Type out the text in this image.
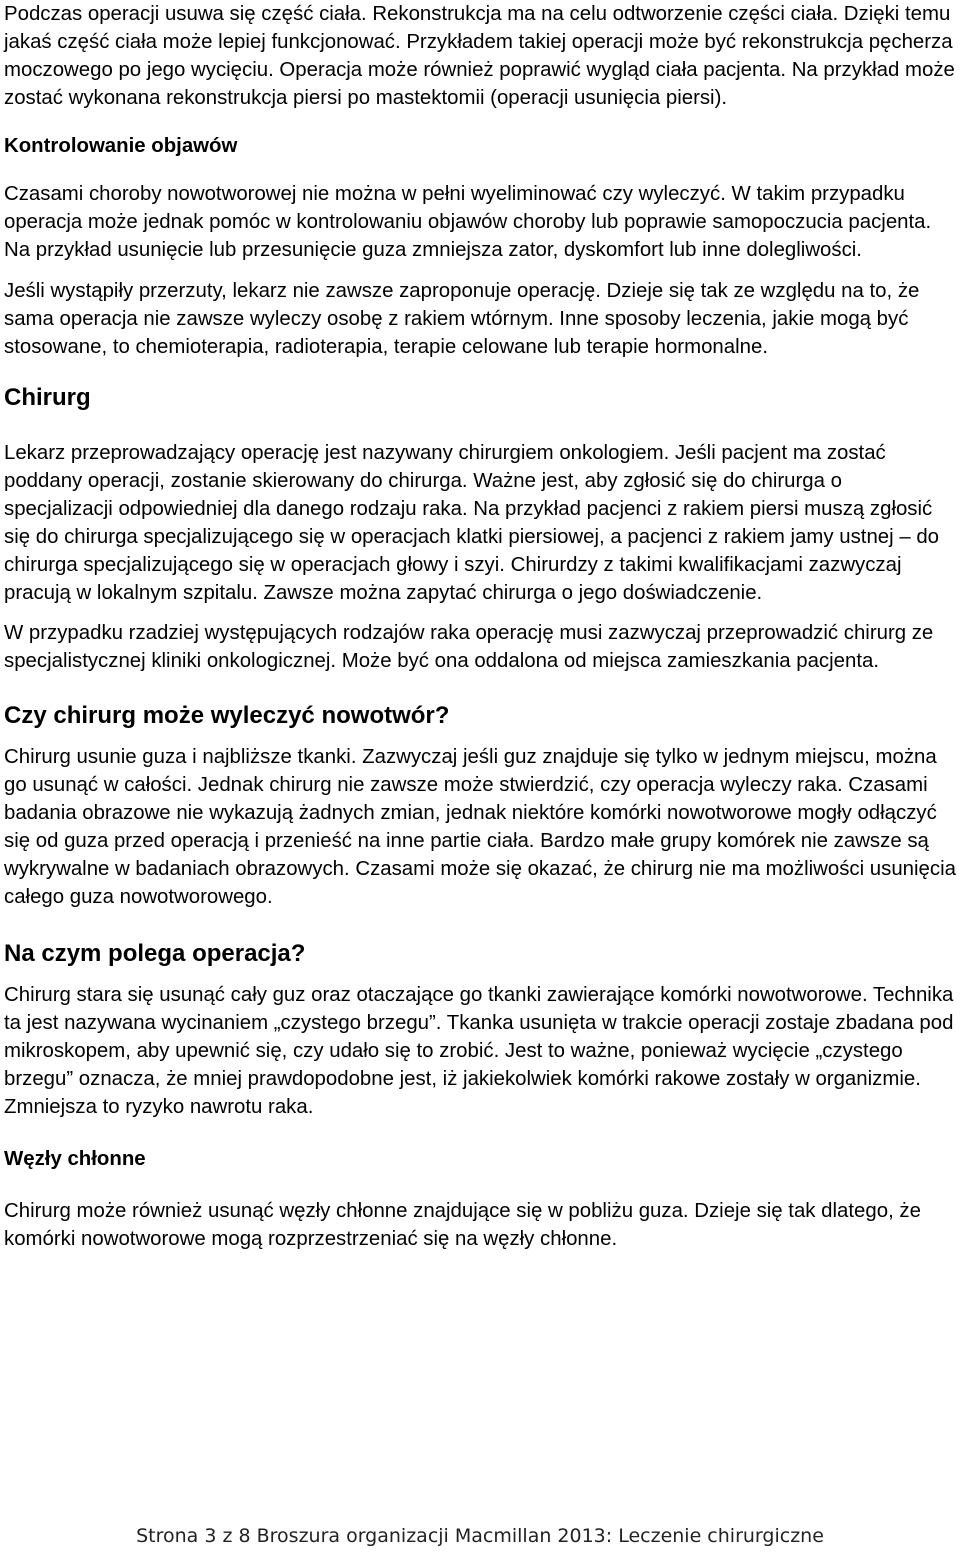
Podczas operacji usuwa się część ciała. Rekonstrukcja ma na celu odtworzenie części ciała. Dzięki temu jakaś część ciała może lepiej funkcjonować. Przykładem takiej operacji może być rekonstrukcja pęcherza moczowego po jego wycięciu. Operacja może również poprawić wygląd ciała pacjenta. Na przykład może zostać wykonana rekonstrukcja piersi po mastektomii (operacji usunięcia piersi).

Kontrolowanie objawów

Czasami choroby nowotworowej nie można w pełni wyeliminować czy wyleczyć. W takim przypadku operacja może jednak pomóc w kontrolowaniu objawów choroby lub poprawie samopoczucia pacjenta. Na przykład usunięcie lub przesunięcie guza zmniejsza zator, dyskomfort lub inne dolegliwości.

Jeśli wystąpiły przerzuty, lekarz nie zawsze zaproponuje operację. Dzieje się tak ze względu na to, że sama operacja nie zawsze wyleczy osobę z rakiem wtórnym. Inne sposoby leczenia, jakie mogą być stosowane, to chemioterapia, radioterapia, terapie celowane lub terapie hormonalne.

Chirurg

Lekarz przeprowadzający operację jest nazywany chirurgiem onkologiem. Jeśli pacjent ma zostać poddany operacji, zostanie skierowany do chirurga. Ważne jest, aby zgłosić się do chirurga o specjalizacji odpowiedniej dla danego rodzaju raka. Na przykład pacjenci z rakiem piersi muszą zgłosić się do chirurga specjalizującego się w operacjach klatki piersiowej, a pacjenci z rakiem jamy ustnej – do chirurga specjalizującego się w operacjach głowy i szyi. Chirurdzy z takimi kwalifikacjami zazwyczaj pracują w lokalnym szpitalu. Zawsze można zapytać chirurga o jego doświadczenie.

W przypadku rzadziej występujących rodzajów raka operację musi zazwyczaj przeprowadzić chirurg ze specjalistycznej kliniki onkologicznej. Może być ona oddalona od miejsca zamieszkania pacjenta.

Czy chirurg może wyleczyć nowotwór?

Chirurg usunie guza i najbliższe tkanki. Zazwyczaj jeśli guz znajduje się tylko w jednym miejscu, można go usunąć w całości. Jednak chirurg nie zawsze może stwierdzić, czy operacja wyleczy raka. Czasami badania obrazowe nie wykazują żadnych zmian, jednak niektóre komórki nowotworowe mogły odłączyć się od guza przed operacją i przenieść na inne partie ciała. Bardzo małe grupy komórek nie zawsze są wykrywalne w badaniach obrazowych. Czasami może się okazać, że chirurg nie ma możliwości usunięcia całego guza nowotworowego.

Na czym polega operacja?

Chirurg stara się usunąć cały guz oraz otaczające go tkanki zawierające komórki nowotworowe. Technika ta jest nazywana wycinaniem „czystego brzegu”. Tkanka usunięta w trakcie operacji zostaje zbadana pod mikroskopem, aby upewnić się, czy udało się to zrobić. Jest to ważne, ponieważ wycięcie „czystego brzegu” oznacza, że mniej prawdopodobne jest, iż jakiekolwiek komórki rakowe zostały w organizmie. Zmniejsza to ryzyko nawrotu raka.

Węzły chłonne

Chirurg może również usunąć węzły chłonne znajdujące się w pobliżu guza. Dzieje się tak dlatego, że komórki nowotworowe mogą rozprzestrzeniać się na węzły chłonne.

Strona 3 z 8 Broszura organizacji Macmillan 2013: Leczenie chirurgiczne
